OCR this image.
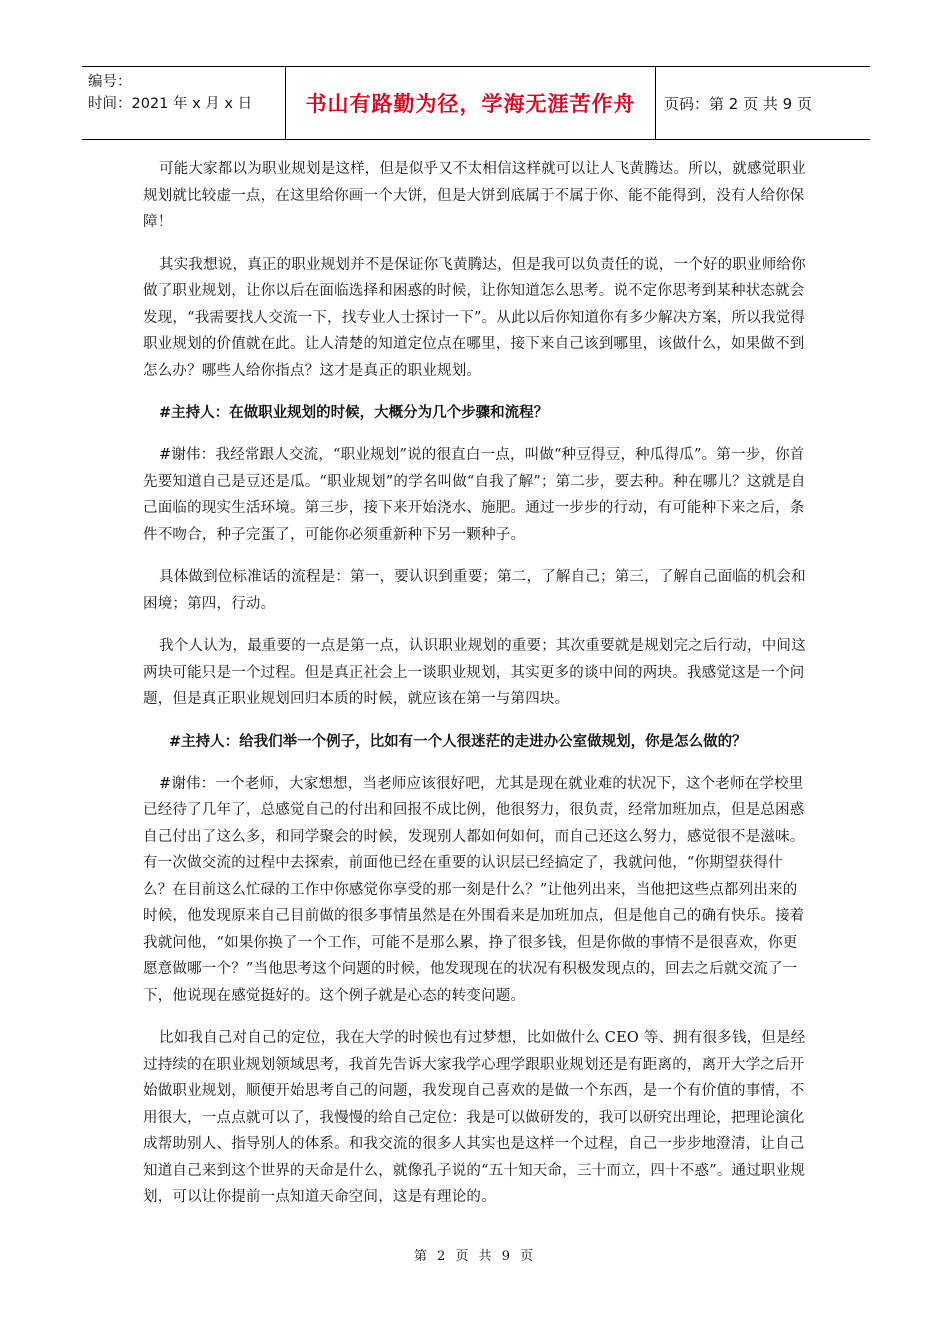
编号：
时间：2021 年 x 月 x 日	书山有路勤为径，学海无涯苦作舟	页码：第 2 页 共 9 页

可能大家都以为职业规划是这样，但是似乎又不太相信这样就可以让人飞黄腾达。所以，就感觉职业规划就比较虚一点，在这里给你画一个大饼，但是大饼到底属于不属于你、能不能得到，没有人给你保障！

其实我想说，真正的职业规划并不是保证你飞黄腾达，但是我可以负责任的说，一个好的职业师给你做了职业规划，让你以后在面临选择和困惑的时候，让你知道怎么思考。说不定你思考到某种状态就会发现，“我需要找人交流一下，找专业人士探讨一下”。从此以后你知道你有多少解决方案，所以我觉得职业规划的价值就在此。让人清楚的知道定位点在哪里，接下来自己该到哪里，该做什么，如果做不到怎么办？哪些人给你指点？这才是真正的职业规划。

#主持人：在做职业规划的时候，大概分为几个步骤和流程？

#谢伟：我经常跟人交流，“职业规划”说的很直白一点，叫做“种豆得豆，种瓜得瓜”。第一步，你首先要知道自己是豆还是瓜。“职业规划”的学名叫做“自我了解”；第二步，要去种。种在哪儿？这就是自己面临的现实生活环境。第三步，接下来开始浇水、施肥。通过一步步的行动，有可能种下来之后，条件不吻合，种子完蛋了，可能你必须重新种下另一颗种子。

具体做到位标准话的流程是：第一，要认识到重要；第二，了解自己；第三，了解自己面临的机会和困境；第四，行动。

我个人认为，最重要的一点是第一点，认识职业规划的重要；其次重要就是规划完之后行动，中间这两块可能只是一个过程。但是真正社会上一谈职业规划，其实更多的谈中间的两块。我感觉这是一个问题，但是真正职业规划回归本质的时候，就应该在第一与第四块。

#主持人：给我们举一个例子，比如有一个人很迷茫的走进办公室做规划，你是怎么做的？

#谢伟：一个老师，大家想想，当老师应该很好吧，尤其是现在就业难的状况下，这个老师在学校里已经待了几年了，总感觉自己的付出和回报不成比例，他很努力，很负责，经常加班加点，但是总困惑自己付出了这么多，和同学聚会的时候，发现别人都如何如何，而自己还这么努力，感觉很不是滋味。有一次做交流的过程中去探索，前面他已经在重要的认识层已经搞定了，我就问他，“你期望获得什么？在目前这么忙碌的工作中你感觉你享受的那一刻是什么？”让他列出来，当他把这些点都列出来的时候，他发现原来自己目前做的很多事情虽然是在外围看来是加班加点，但是他自己的确有快乐。接着我就问他，“如果你换了一个工作，可能不是那么累，挣了很多钱，但是你做的事情不是很喜欢，你更愿意做哪一个？”当他思考这个问题的时候，他发现现在的状况有积极发现点的，回去之后就交流了一下，他说现在感觉挺好的。这个例子就是心态的转变问题。

比如我自己对自己的定位，我在大学的时候也有过梦想，比如做什么 CEO 等、拥有很多钱，但是经过持续的在职业规划领域思考，我首先告诉大家我学心理学跟职业规划还是有距离的，离开大学之后开始做职业规划，顺便开始思考自己的问题，我发现自己喜欢的是做一个东西，是一个有价值的事情，不用很大，一点点就可以了，我慢慢的给自己定位：我是可以做研发的，我可以研究出理论，把理论演化成帮助别人、指导别人的体系。和我交流的很多人其实也是这样一个过程，自己一步步地澄清，让自己知道自己来到这个世界的天命是什么，就像孔子说的“五十知天命，三十而立，四十不惑”。通过职业规划，可以让你提前一点知道天命空间，这是有理论的。

第 2 页 共 9 页
